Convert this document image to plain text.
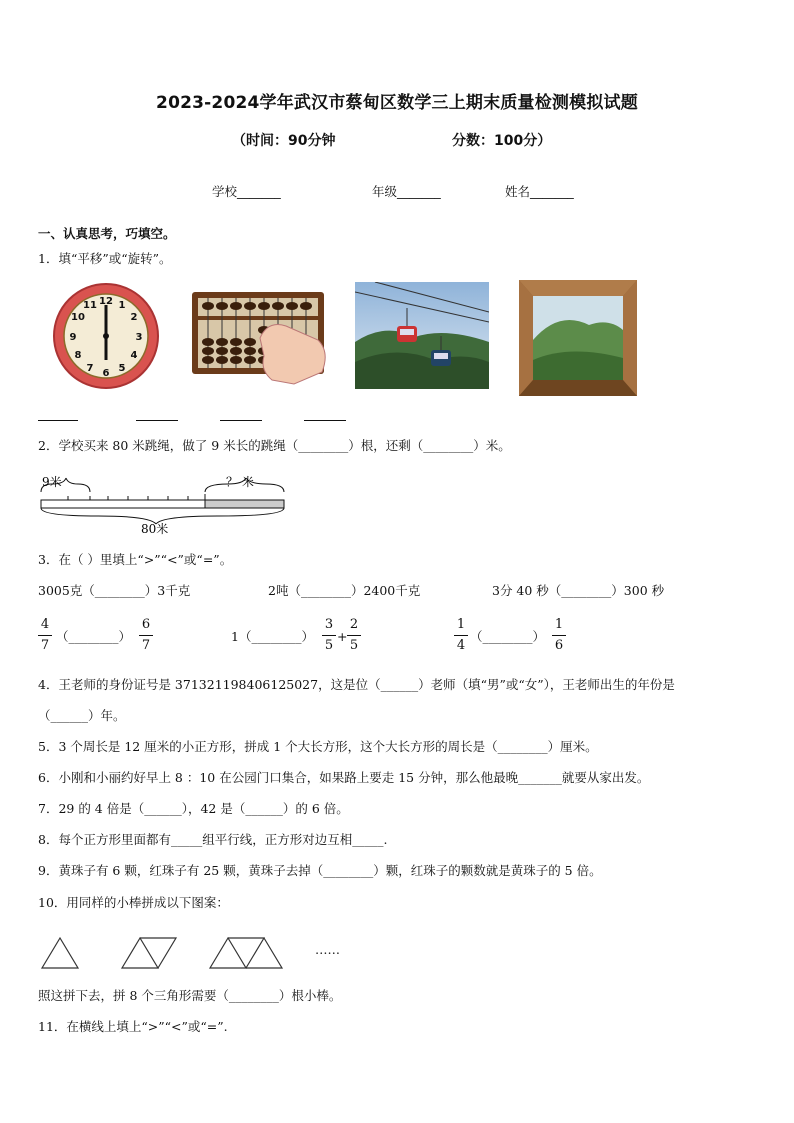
2023-2024学年武汉市蔡甸区数学三上期末质量检测模拟试题
（时间：90分钟	分数：100分）
学校_______	年级_______	姓名_______
一、认真思考，巧填空。
1．填“平移”或“旋转”。
12 1
2
3
4
5
6
7
8
9
10
11
2．学校买来 80 米跳绳，做了 9 米长的跳绳（________）根，还剩（________）米。
9米	？ 米
80米
3．在（ ）里填上“>”“<”或“=”。
3005克（________）3千克	2吨（________）2400千克	3分 40 秒（________）300 秒
4
7
（________）
6
7
1（________）
3
5
+
2
5
1
4
（________）
1
6
4．王老师的身份证号是 371321198406125027，这是位（______）老师（填“男”或“女”），王老师出生的年份是
（______）年。
5．3 个周长是 12 厘米的小正方形，拼成 1 个大长方形，这个大长方形的周长是（________）厘米。
6．小刚和小丽约好早上 8 ：10 在公园门口集合，如果路上要走 15 分钟，那么他最晚_______就要从家出发。
7．29 的 4 倍是（______），42 是（______）的 6 倍。
8．每个正方形里面都有_____组平行线，正方形对边互相_____.
9．黄珠子有 6 颗，红珠子有 25 颗，黄珠子去掉（________）颗，红珠子的颗数就是黄珠子的 5 倍。
10．用同样的小棒拼成以下图案：
……
照这拼下去，拼 8 个三角形需要（________）根小棒。
11．在横线上填上“>”“<”或“=”.
